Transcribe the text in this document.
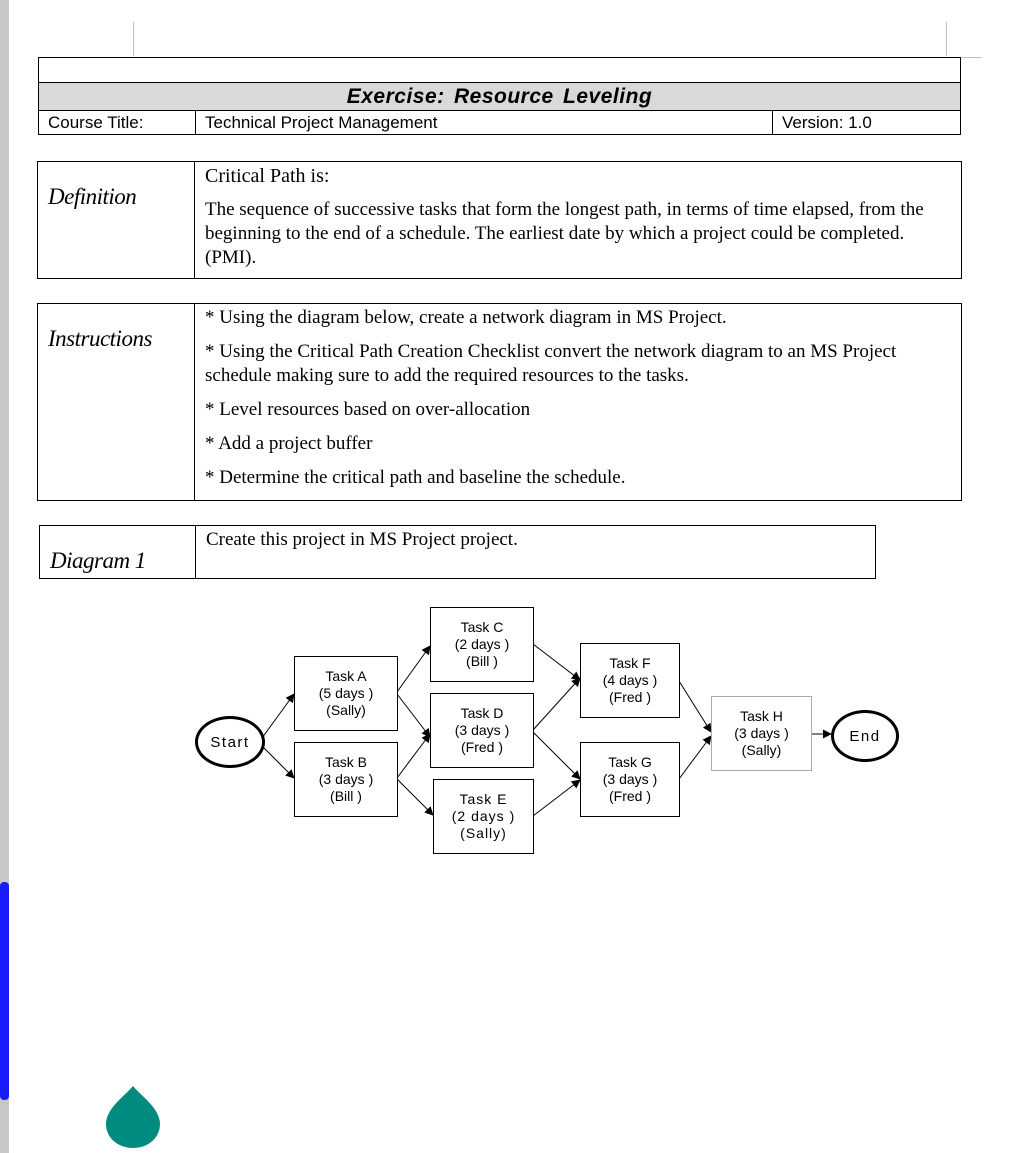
Exercise: Resource Leveling
Course Title:	Technical Project Management	Version: 1.0
Definition

Critical Path is:

The sequence of successive tasks that form the longest path, in terms of time elapsed, from the beginning to the end of a schedule. The earliest date by which a project could be completed. (PMI).

Instructions

* Using the diagram below, create a network diagram in MS Project.

* Using the Critical Path Creation Checklist convert the network diagram to an MS Project schedule making sure to add the required resources to the tasks.

* Level resources based on over-allocation

* Add a project buffer

* Determine the critical path and baseline the schedule.

Diagram 1

Create this project in MS Project project.

Start	End
Task A
(5 days )
(Sally)
Task B
(3 days )
(Bill )
Task C
(2 days )
(Bill )
Task D
(3 days )
(Fred )
Task E
(2 days )
(Sally)
Task F
(4 days )
(Fred )
Task G
(3 days )
(Fred )
Task H
(3 days )
(Sally)
